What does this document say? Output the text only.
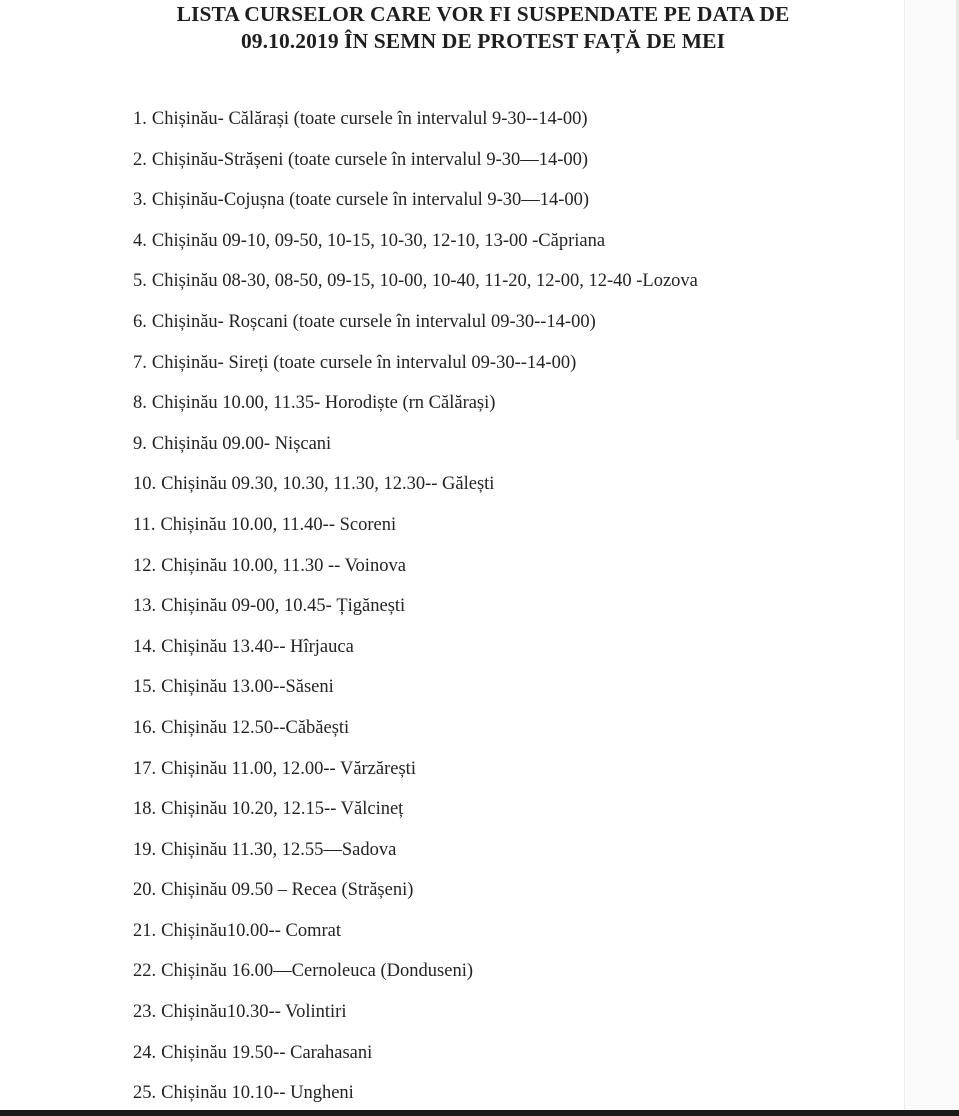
LISTA CURSELOR CARE VOR FI SUSPENDATE PE DATA DE
09.10.2019 ÎN SEMN DE PROTEST FAȚĂ DE MEI
1. Chișinău- Călărași (toate cursele în intervalul 9-30--14-00)
2. Chișinău-Strășeni (toate cursele în intervalul 9-30—14-00)
3. Chișinău-Cojușna (toate cursele în intervalul 9-30—14-00)
4. Chișinău 09-10, 09-50, 10-15, 10-30, 12-10, 13-00 -Căpriana
5. Chișinău 08-30, 08-50, 09-15, 10-00, 10-40, 11-20, 12-00, 12-40 -Lozova
6. Chișinău- Roșcani (toate cursele în intervalul 09-30--14-00)
7. Chișinău- Sireți (toate cursele în intervalul 09-30--14-00)
8. Chișinău 10.00, 11.35- Horodiște (rn Călărași)
9. Chișinău 09.00- Nișcani
10. Chișinău 09.30, 10.30, 11.30, 12.30-- Gălești
11. Chișinău 10.00, 11.40-- Scoreni
12. Chișinău 10.00, 11.30 -- Voinova
13. Chișinău 09-00, 10.45- Țigănești
14. Chișinău 13.40-- Hîrjauca
15. Chișinău 13.00--Săseni
16. Chișinău 12.50--Căbăești
17. Chișinău 11.00, 12.00-- Vărzărești
18. Chișinău 10.20, 12.15-- Vălcineț
19. Chișinău 11.30, 12.55—Sadova
20. Chișinău 09.50 – Recea (Strășeni)
21. Chișinău10.00-- Comrat
22. Chișinău 16.00—Cernoleuca (Donduseni)
23. Chișinău10.30-- Volintiri
24. Chișinău 19.50-- Carahasani
25. Chișinău 10.10-- Ungheni
